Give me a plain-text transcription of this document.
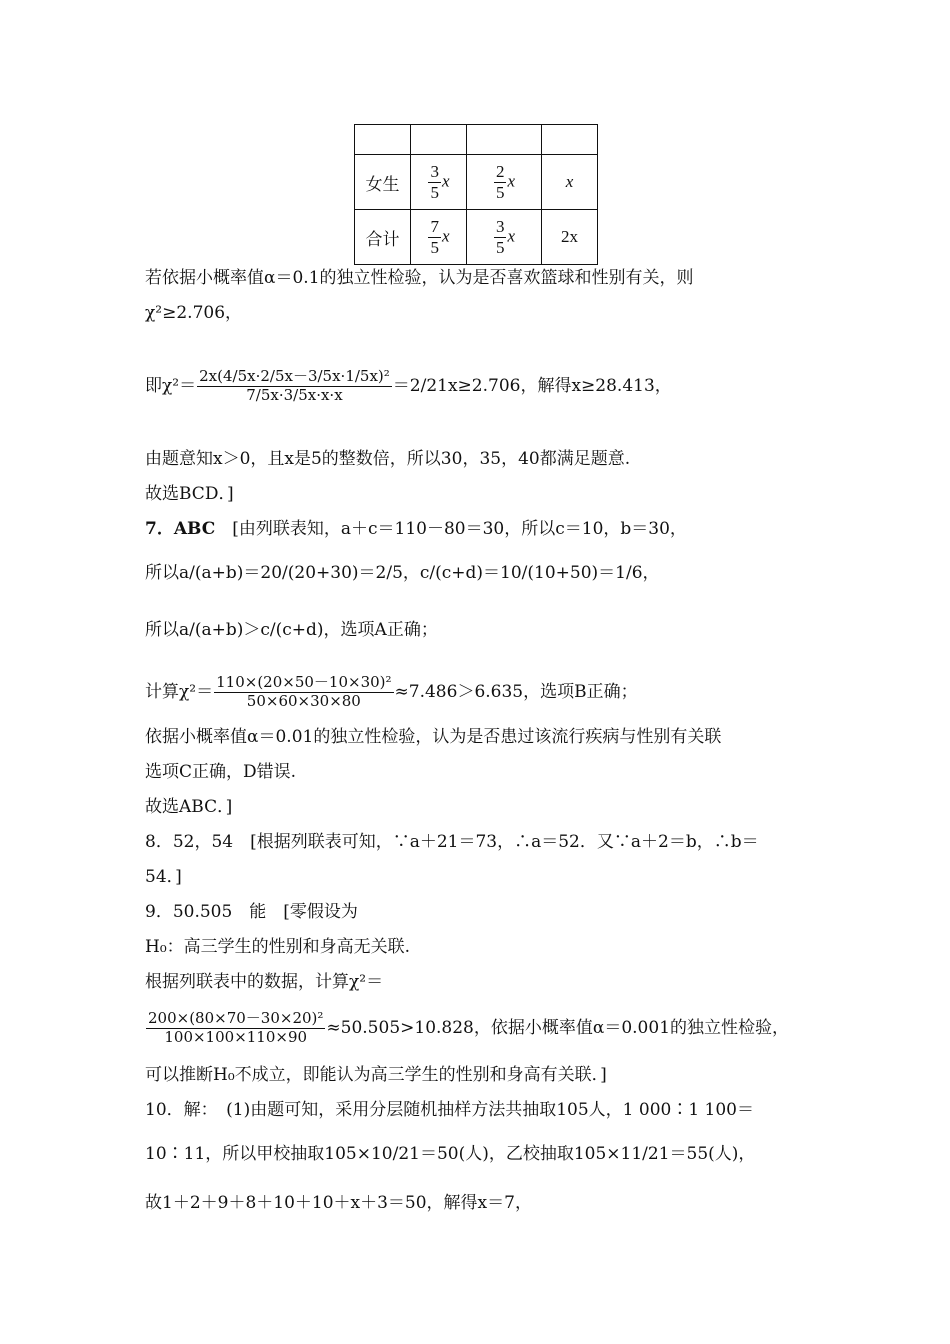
女生	$\frac{3}{5}$ x	$\frac{2}{5}$ x	x
合计	$\frac{7}{5}$ x	$\frac{3}{5}$ x	2x
若依据小概率值α＝0.1的独立性检验，认为是否喜欢篮球和性别有关，则
χ²≥2.706，
即$\chi^2= \frac{\text{2x(4/5x·2/5x－3/5x·1/5x)²}}{7/5x\cdot 3/5x\cdot x\cdot x} =2/21x\ge 2.706$，解得x≥28.413，
由题意知x＞0，且x是5的整数倍，所以30，35，40都满足题意.
故选BCD．]
7．ABC　 [由列联表知，a＋c＝110－80＝30，所以c＝10，b＝30，
所以a/(a+b)＝20/(20+30)＝2/5，c/(c+d)＝10/(10+50)＝1/6，
所以a/(a+b)＞c/(c+d)，选项A正确；
计算$\chi^2= \frac{\text{110×(20×50－10×30)²}}{50\times 60\times 30\times 80} \approx 7.486>6.635$，选项B正确；
依据小概率值α＝0.01的独立性检验，认为是否患过该流行疾病与性别有关联
选项C正确，D错误.
故选ABC．]
8．52，54　[根据列联表可知，∵a＋21＝73，∴a＝52．又∵a＋2＝b，∴b＝
54．]
9．50.505　能　[零假设为
H₀：高三学生的性别和身高无关联.
根据列联表中的数据，计算χ²＝
$\frac{\text{200×(80×70－30×20)²}}{100\times 100\times 110\times 90} \approx 50.505>10.828$，依据小概率值α＝0.001的独立性检验，
可以推断H₀不成立，即能认为高三学生的性别和身高有关联．]
10．解：　(1)由题可知，采用分层随机抽样方法共抽取105人，1 000∶1 100＝
10∶11，所以甲校抽取105×10/21＝50(人)，乙校抽取105×11/21＝55(人)，
故1＋2＋9＋8＋10＋10＋x＋3＝50，解得x＝7，
